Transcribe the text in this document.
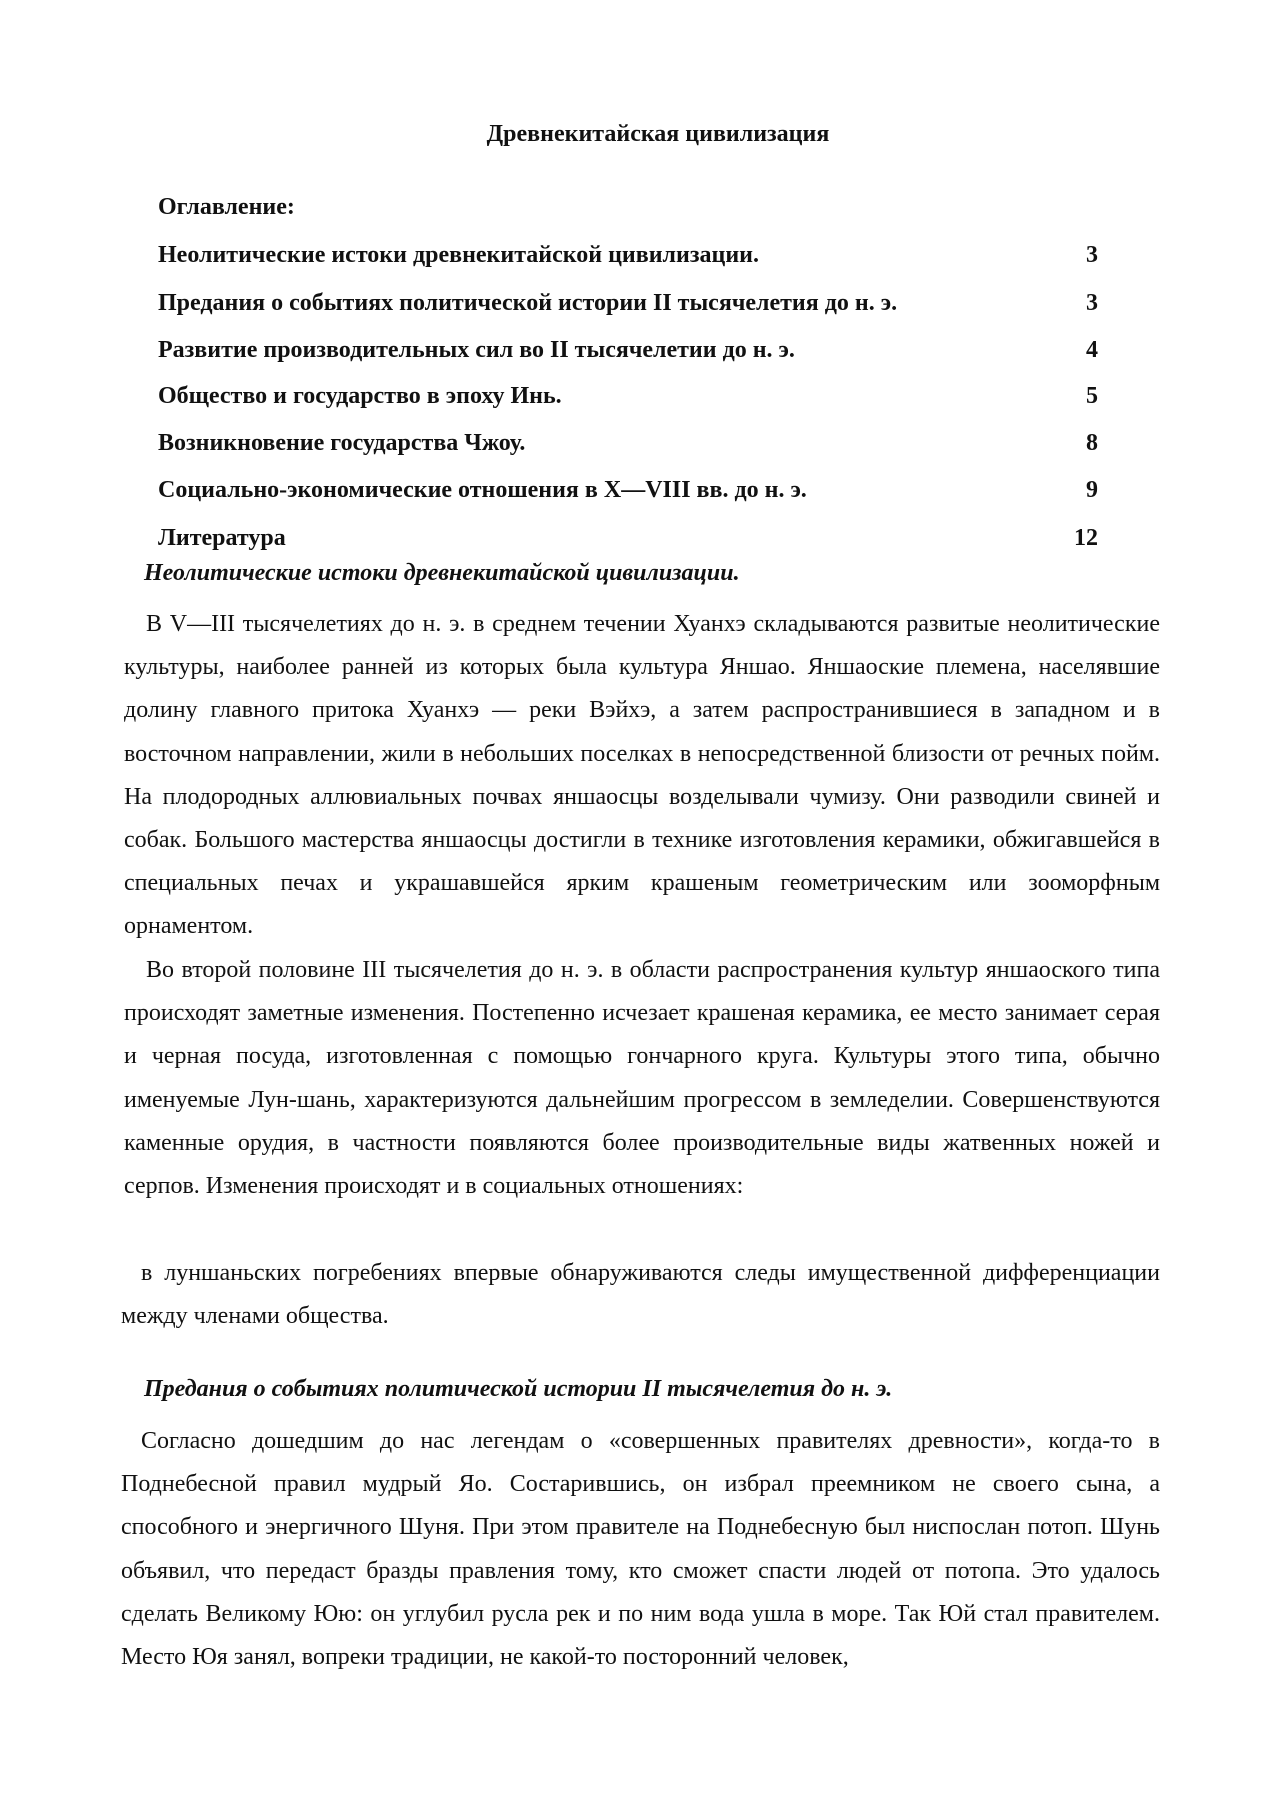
Древнекитайская цивилизация
Оглавление:
Неолитические истоки древнекитайской цивилизации.	3
Предания о событиях политической истории II тысячелетия до н. э.	3
Развитие производительных сил во II тысячелетии до н. э.	4
Общество и государство в эпоху Инь.	5
Возникновение государства Чжоу.	8
Социально-экономические отношения в X—VIII вв. до н. э.	9
Литература	12
Неолитические истоки древнекитайской цивилизации.

В V—III тысячелетиях до н. э. в среднем течении Хуанхэ складываются развитые неолитические культуры, наиболее ранней из которых была культура Яншао. Яншаоские племена, населявшие долину главного притока Хуанхэ — реки Вэйхэ, а затем распространившиеся в западном и в восточном направлении, жили в небольших поселках в непосредственной близости от речных пойм. На плодородных аллювиальных почвах яншаосцы возделывали чумизу. Они разводили свиней и собак. Большого мастерства яншаосцы достигли в технике изготовления керамики, обжигавшейся в специальных печах и украшавшейся ярким крашеным геометрическим или зооморфным орнаментом.

Во второй половине III тысячелетия до н. э. в области распространения культур яншаоского типа происходят заметные изменения. Постепенно исчезает крашеная керамика, ее место занимает серая и черная посуда, изготовленная с помощью гончарного круга. Культуры этого типа, обычно именуемые Лун-шань, характеризуются дальнейшим прогрессом в земледелии. Совершенствуются каменные орудия, в частности появляются более производительные виды жатвенных ножей и серпов. Изменения происходят и в социальных отношениях:

в луншаньских погребениях впервые обнаруживаются следы имущественной дифференциации между членами общества.

Предания о событиях политической истории II тысячелетия до н. э.

Согласно дошедшим до нас легендам о «совершенных правителях древности», когда-то в Поднебесной правил мудрый Яо. Состарившись, он избрал преемником не своего сына, а способного и энергичного Шуня. При этом правителе на Поднебесную был ниспослан потоп. Шунь объявил, что передаст бразды правления тому, кто сможет спасти людей от потопа. Это удалось сделать Великому Юю: он углубил русла рек и по ним вода ушла в море. Так Юй стал правителем. Место Юя занял, вопреки традиции, не какой-то посторонний человек,
